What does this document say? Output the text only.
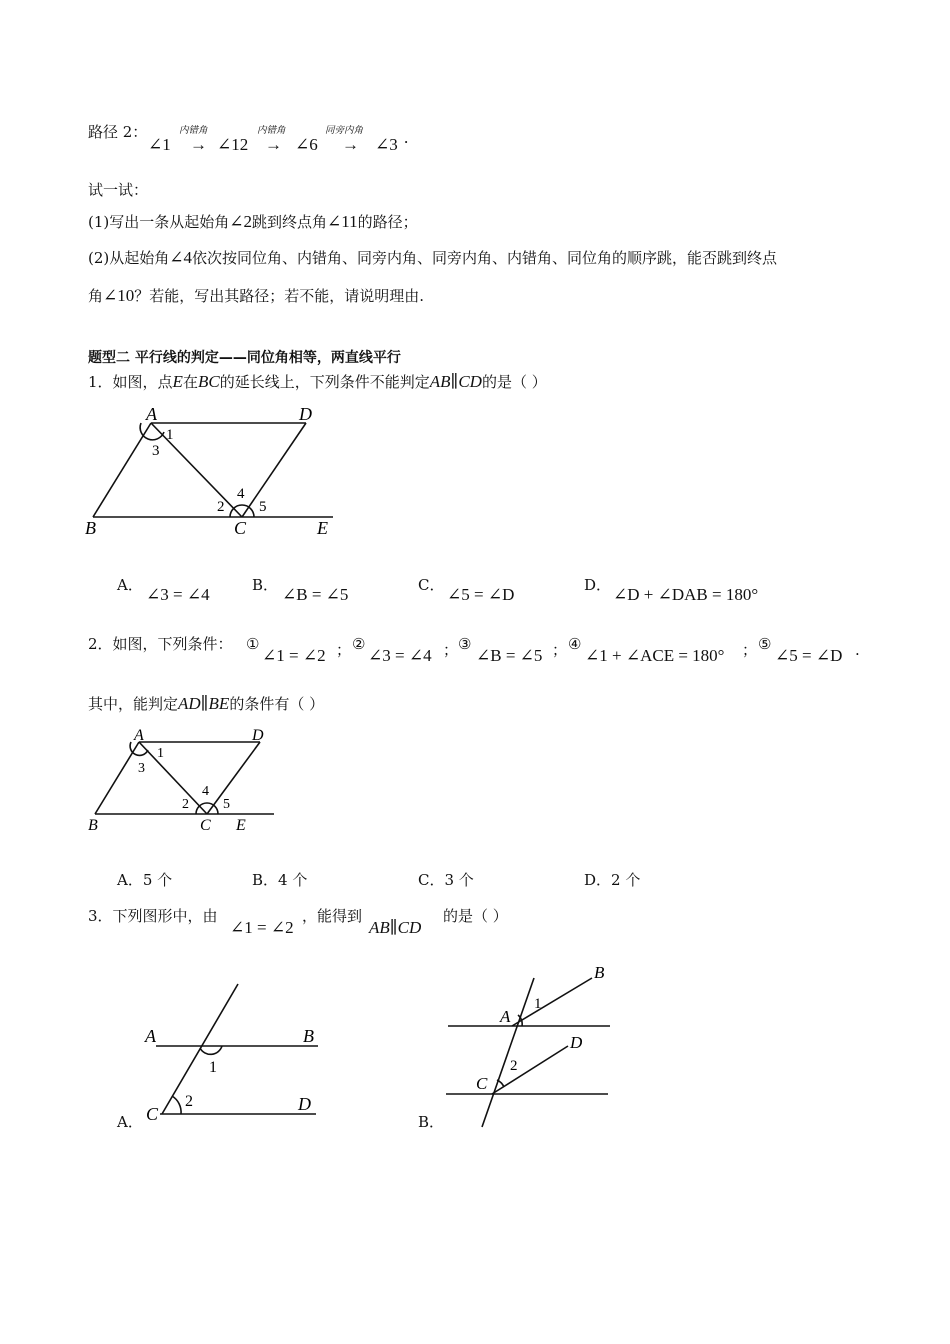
路径 2：	内错角	内错角	同旁内角
∠1 → ∠12 → ∠6 → ∠3 .
试一试：
(1)写出一条从起始角∠2跳到终点角∠11的路径；
(2)从起始角∠4依次按同位角、内错角、同旁内角、同旁内角、内错角、同位角的顺序跳，能否跳到终点
角∠10？若能，写出其路径；若不能，请说明理由.
题型二 平行线的判定——同位角相等，两直线平行
1．如图，点E在BC的延长线上，下列条件不能判定AB∥CD的是（ ）
A	D
B	C	E
1
3
2
4
5
A． ∠3 = ∠4	B． ∠B = ∠5	C． ∠5 = ∠D	D． ∠D + ∠DAB = 180°
2．如图，下列条件： ①
∠1 = ∠2 ； ②
∠3 = ∠4 ； ③
∠B = ∠5 ； ④
∠1 + ∠ACE = 180° ； ⑤
∠5 = ∠D .
其中，能判定AD∥BE的条件有（ ）
A	D
B	C E
1
3
2
4
5
A．5 个	B．4 个	C．3 个	D．2 个
3．下列图形中，由
∠1 = ∠2
，能得到
AB∥CD
的是（ ）
A	B
C	D
1
2
A．
B
A
1
D
C
2
B．
